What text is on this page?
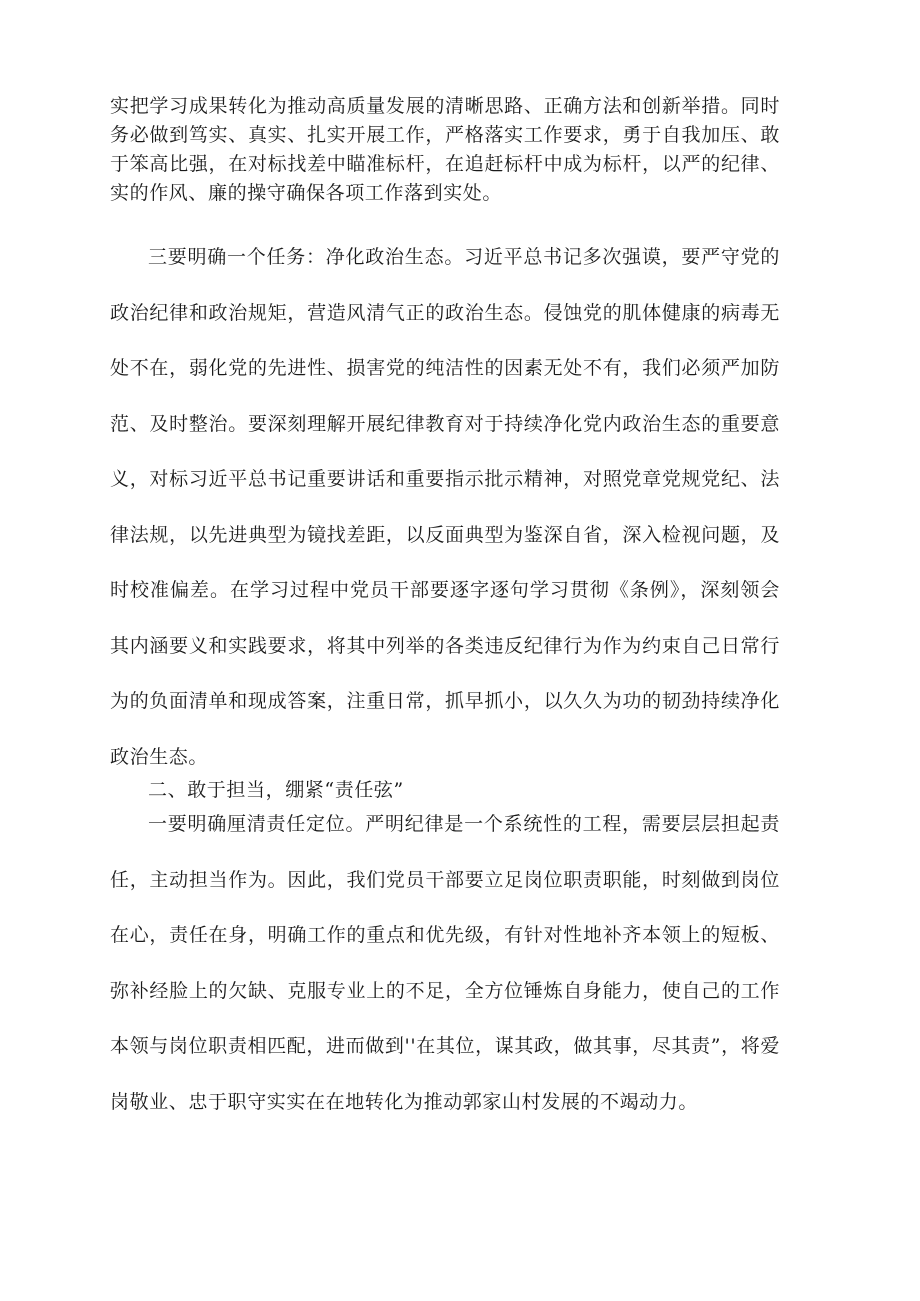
实把学习成果转化为推动高质量发展的清晰思路、正确方法和创新举措。同时务必做到笃实、真实、扎实开展工作，严格落实工作要求，勇于自我加压、敢于笨高比强，在对标找差中瞄准标杆，在追赶标杆中成为标杆，以严的纪律、实的作风、廉的操守确保各项工作落到实处。

三要明确一个任务：净化政治生态。习近平总书记多次强谟，要严守党的政治纪律和政治规矩，营造风清气正的政治生态。侵蚀党的肌体健康的病毒无处不在，弱化党的先进性、损害党的纯洁性的因素无处不有，我们必须严加防范、及时整治。要深刻理解开展纪律教育对于持续净化党内政治生态的重要意义，对标习近平总书记重要讲话和重要指示批示精神，对照党章党规党纪、法律法规，以先进典型为镜找差距，以反面典型为鉴深自省，深入检视问题，及时校准偏差。在学习过程中党员干部要逐字逐句学习贯彻《条例》，深刻领会其内涵要义和实践要求，将其中列举的各类违反纪律行为作为约束自己日常行为的负面清单和现成答案，注重日常，抓早抓小，以久久为功的韧劲持续净化政治生态。

二、敢于担当，绷紧“责任弦”

一要明确厘清责任定位。严明纪律是一个系统性的工程，需要层层担起责任，主动担当作为。因此，我们党员干部要立足岗位职责职能，时刻做到岗位在心，责任在身，明确工作的重点和优先级，有针对性地补齐本领上的短板、弥补经脸上的欠缺、克服专业上的不足，全方位锤炼自身能力，使自己的工作本领与岗位职责相匹配，进而做到''在其位，谋其政，做其事，尽其责”，将爱岗敬业、忠于职守实实在在地转化为推动郭家山村发展的不竭动力。
